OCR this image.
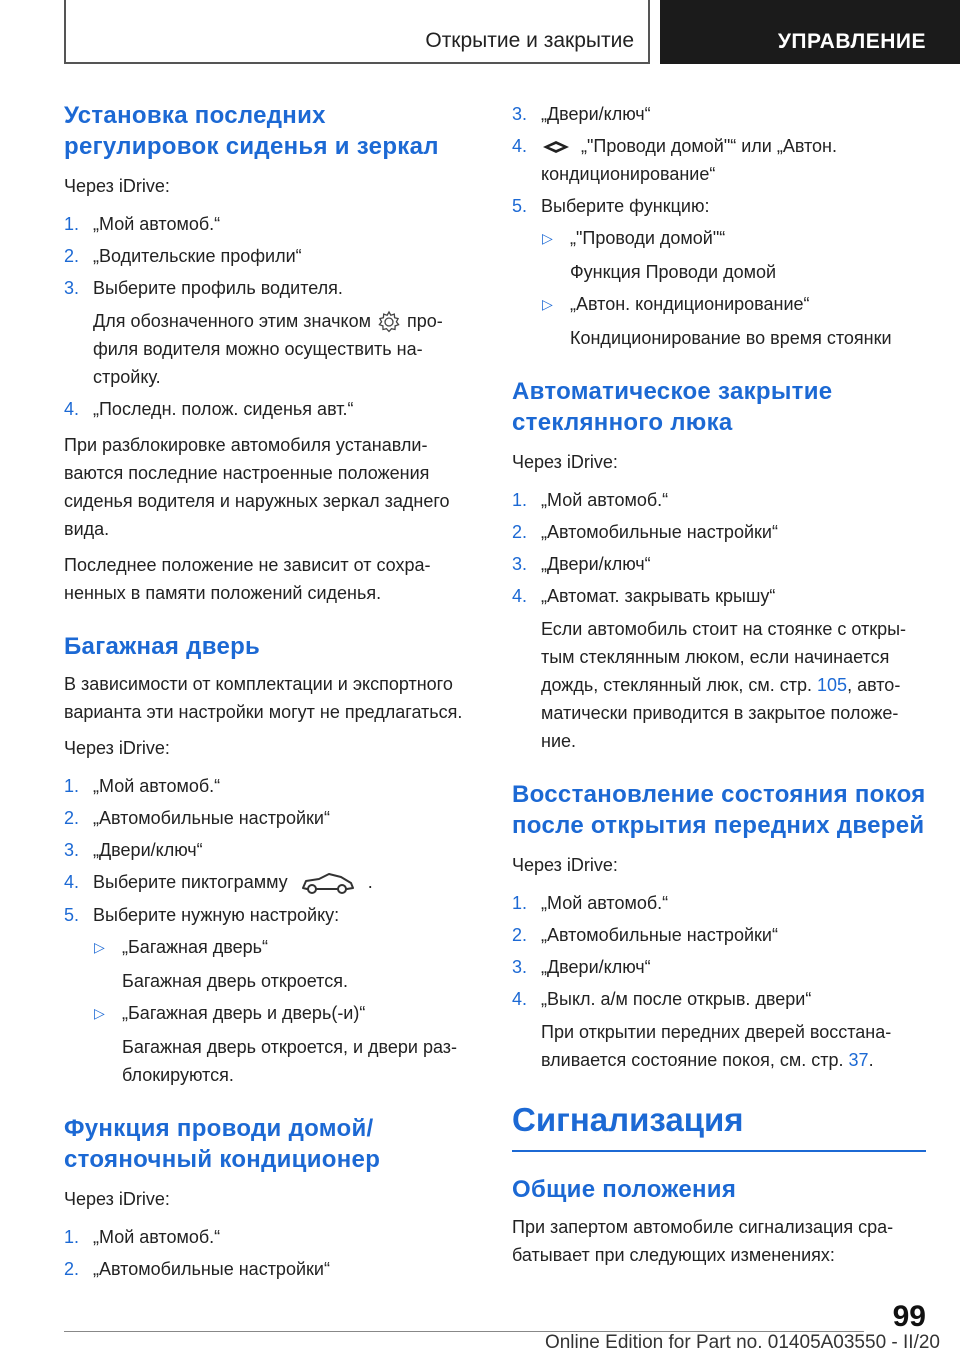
Открытие и закрытие	УПРАВЛЕНИЕ
Установка последних регулировок сиденья и зеркал

Через iDrive:

1. „Мой автомоб.“
2. „Водительские профили“
3. Выберите профиль водителя.
Для обозначенного этим значком профиля водителя можно осуществить настройку.
4. „Последн. полож. сиденья авт.“

При разблокировке автомобиля устанавливаются последние настроенные положения сиденья водителя и наружных зеркал заднего вида.

Последнее положение не зависит от сохраненных в памяти положений сиденья.

Багажная дверь

В зависимости от комплектации и экспортного варианта эти настройки могут не предлагаться.

Через iDrive:

1. „Мой автомоб.“
2. „Автомобильные настройки“
3. „Двери/ключ“
4. Выберите пиктограмму	.
5. Выберите нужную настройку:
▷ „Багажная дверь“
Багажная дверь откроется.
▷ „Багажная дверь и дверь(-и)“
Багажная дверь откроется, и двери разблокируются.
Функция проводи домой/ стояночный кондиционер

Через iDrive:

1. „Мой автомоб.“
2. „Автомобильные настройки“
3. „Двери/ключ“
4.	„"Проводи домой"“ или „Автон. кондиционирование“
5. Выберите функцию:
▷ „"Проводи домой"“
Функция Проводи домой
▷ „Автон. кондиционирование“
Кондиционирование во время стоянки
Автоматическое закрытие стеклянного люка

Через iDrive:

1. „Мой автомоб.“
2. „Автомобильные настройки“
3. „Двери/ключ“
4. „Автомат. закрывать крышу“
Если автомобиль стоит на стоянке с открытым стеклянным люком, если начинается дождь, стеклянный люк, см. стр. 105, автоматически приводится в закрытое положение.
Восстановление состояния покоя после открытия передних дверей

Через iDrive:

1. „Мой автомоб.“
2. „Автомобильные настройки“
3. „Двери/ключ“
4. „Выкл. а/м после открыв. двери“
При открытии передних дверей восстанавливается состояние покоя, см. стр. 37.
Сигнализация
Общие положения

При запертом автомобиле сигнализация срабатывает при следующих изменениях:

99
Online Edition for Part no. 01405A03550 - II/20
